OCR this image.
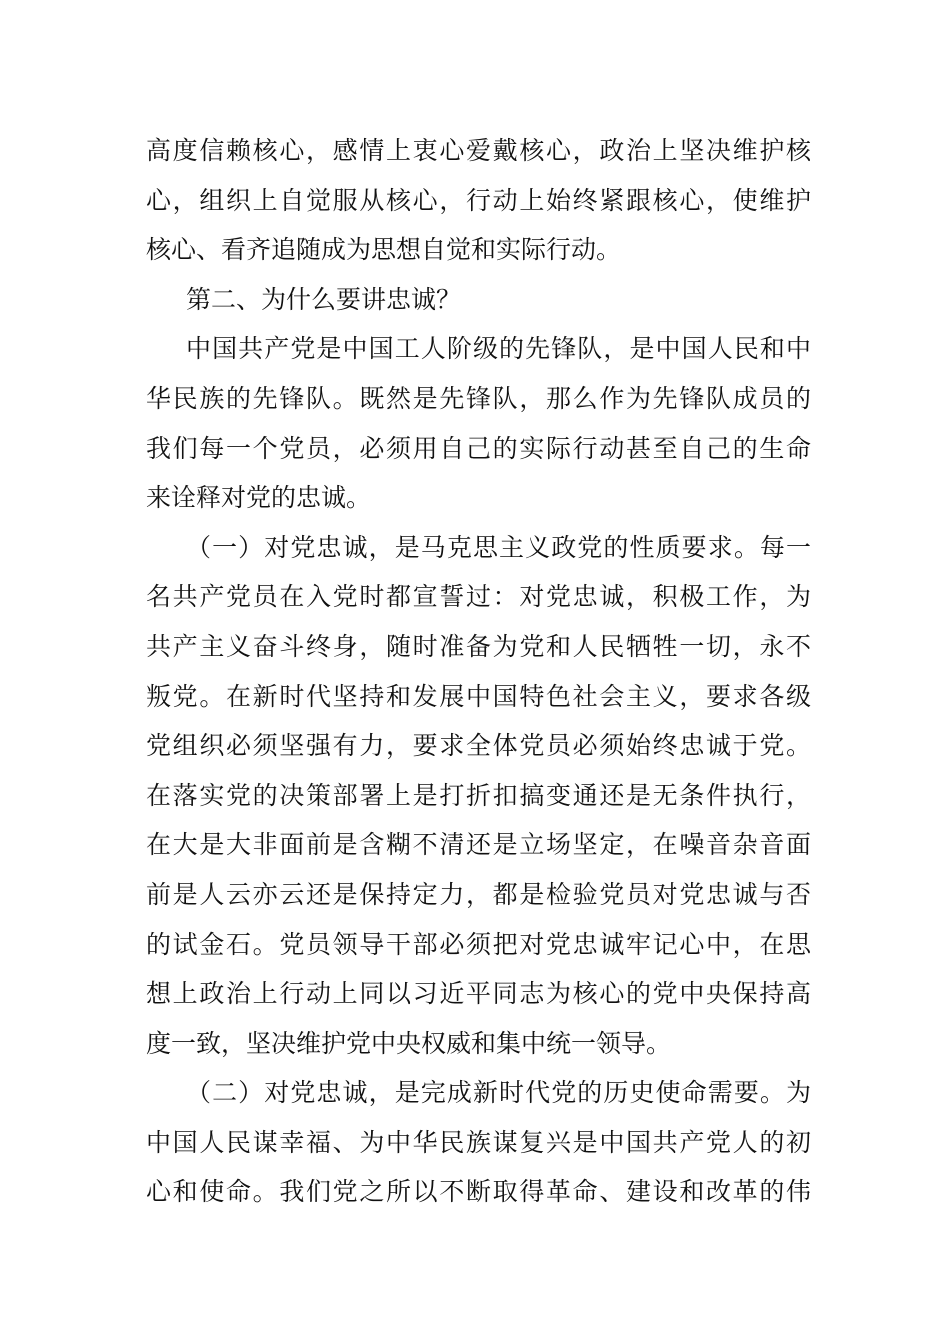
高度信赖核心，感情上衷心爱戴核心，政治上坚决维护核
心，组织上自觉服从核心，行动上始终紧跟核心，使维护
核心、看齐追随成为思想自觉和实际行动。
第二、为什么要讲忠诚？
中国共产党是中国工人阶级的先锋队，是中国人民和中
华民族的先锋队。既然是先锋队，那么作为先锋队成员的
我们每一个党员，必须用自己的实际行动甚至自己的生命
来诠释对党的忠诚。
（一）对党忠诚，是马克思主义政党的性质要求。每一
名共产党员在入党时都宣誓过：对党忠诚，积极工作，为
共产主义奋斗终身，随时准备为党和人民牺牲一切，永不
叛党。在新时代坚持和发展中国特色社会主义，要求各级
党组织必须坚强有力，要求全体党员必须始终忠诚于党。
在落实党的决策部署上是打折扣搞变通还是无条件执行，
在大是大非面前是含糊不清还是立场坚定，在噪音杂音面
前是人云亦云还是保持定力，都是检验党员对党忠诚与否
的试金石。党员领导干部必须把对党忠诚牢记心中，在思
想上政治上行动上同以习近平同志为核心的党中央保持高
度一致，坚决维护党中央权威和集中统一领导。
（二）对党忠诚，是完成新时代党的历史使命需要。为
中国人民谋幸福、为中华民族谋复兴是中国共产党人的初
心和使命。我们党之所以不断取得革命、建设和改革的伟
